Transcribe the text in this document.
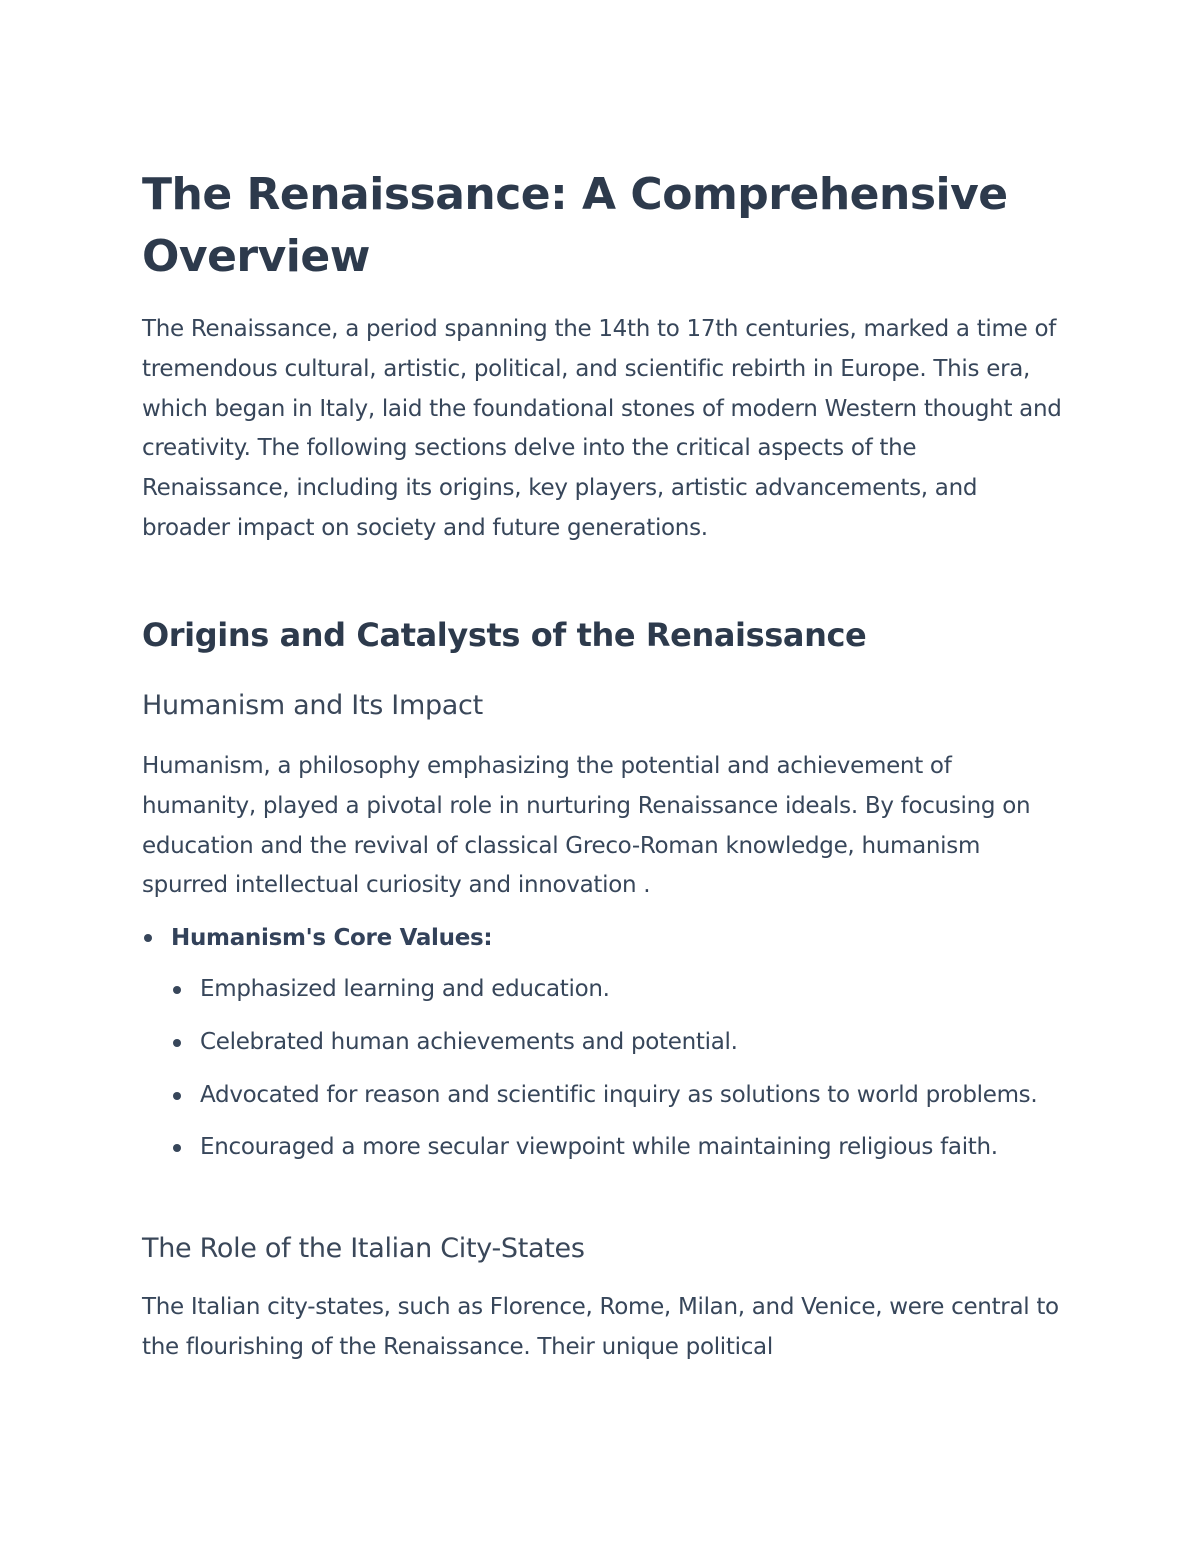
The Renaissance: A Comprehensive Overview

The Renaissance, a period spanning the 14th to 17th centuries, marked a time of tremendous cultural, artistic, political, and scientific rebirth in Europe. This era, which began in Italy, laid the foundational stones of modern Western thought and creativity. The following sections delve into the critical aspects of the Renaissance, including its origins, key players, artistic advancements, and broader impact on society and future generations.

Origins and Catalysts of the Renaissance
Humanism and Its Impact

Humanism, a philosophy emphasizing the potential and achievement of humanity, played a pivotal role in nurturing Renaissance ideals. By focusing on education and the revival of classical Greco-Roman knowledge, humanism spurred intellectual curiosity and innovation .

Humanism's Core Values:
Emphasized learning and education.
Celebrated human achievements and potential.
Advocated for reason and scientific inquiry as solutions to world problems.
Encouraged a more secular viewpoint while maintaining religious faith.
The Role of the Italian City-States

The Italian city-states, such as Florence, Rome, Milan, and Venice, were central to the flourishing of the Renaissance. Their unique political
